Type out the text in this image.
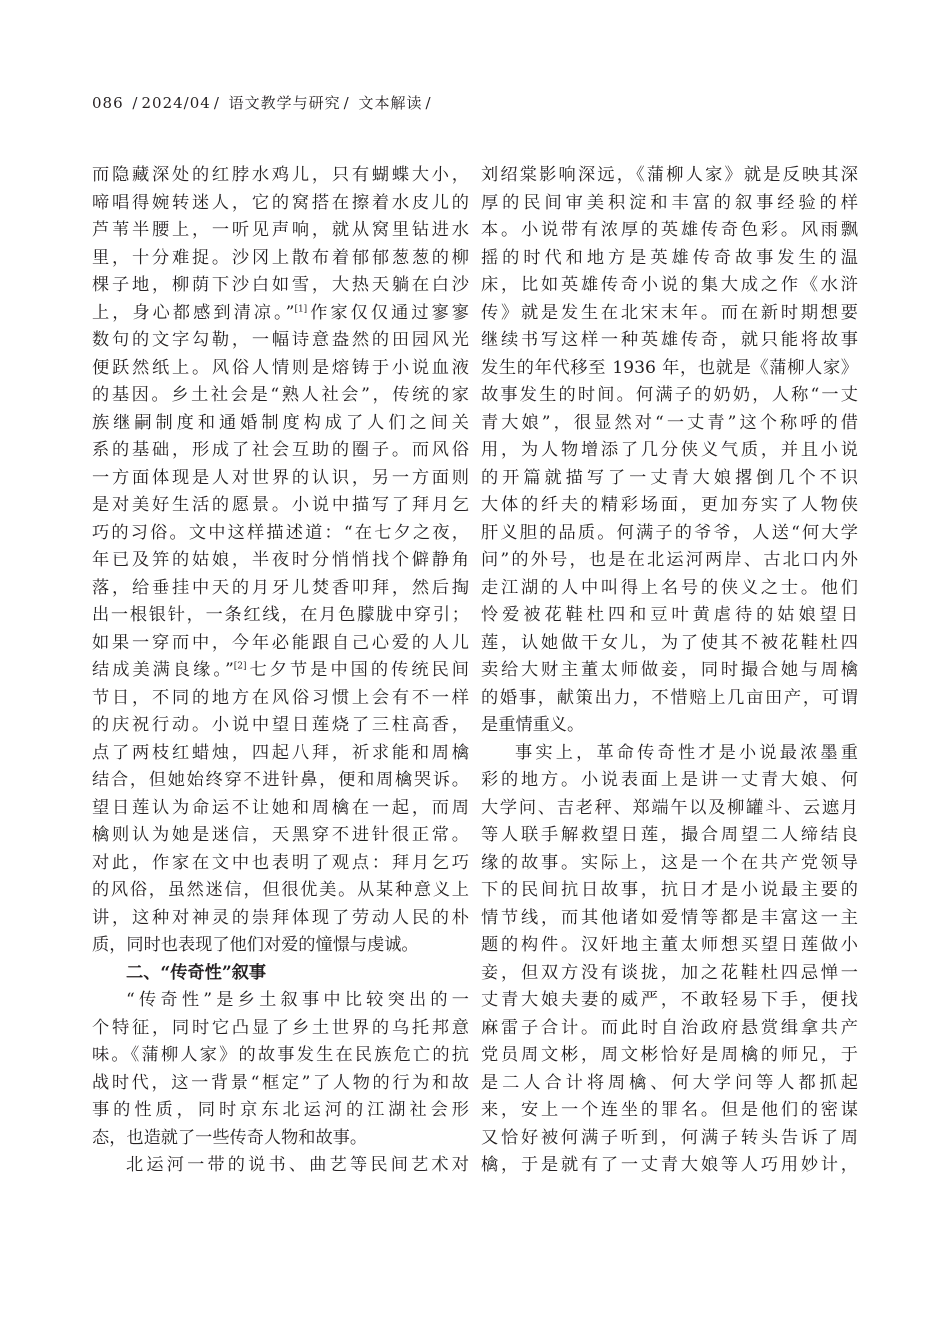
086 / 2024/04 / 语文教学与研究 / 文本解读 /
而隐藏深处的红脖水鸡儿，只有蝴蝶大小，
啼唱得婉转迷人，它的窝搭在擦着水皮儿的
芦苇半腰上，一听见声响，就从窝里钻进水
里，十分难捉。沙冈上散布着郁郁葱葱的柳
棵子地，柳荫下沙白如雪，大热天躺在白沙
上，身心都感到清凉。”[1]作家仅仅通过寥寥
数句的文字勾勒，一幅诗意盎然的田园风光
便跃然纸上。风俗人情则是熔铸于小说血液
的基因。乡土社会是“熟人社会”，传统的家
族继嗣制度和通婚制度构成了人们之间关
系的基础，形成了社会互助的圈子。而风俗
一方面体现是人对世界的认识，另一方面则
是对美好生活的愿景。小说中描写了拜月乞
巧的习俗。文中这样描述道：“在七夕之夜，
年已及笄的姑娘，半夜时分悄悄找个僻静角
落，给垂挂中天的月牙儿焚香叩拜，然后掏
出一根银针，一条红线，在月色朦胧中穿引；
如果一穿而中，今年必能跟自己心爱的人儿
结成美满良缘。”[2]七夕节是中国的传统民间
节日，不同的地方在风俗习惯上会有不一样
的庆祝行动。小说中望日莲烧了三柱高香，
点了两枝红蜡烛，四起八拜，祈求能和周檎
结合，但她始终穿不进针鼻，便和周檎哭诉。
望日莲认为命运不让她和周檎在一起，而周
檎则认为她是迷信，天黑穿不进针很正常。
对此，作家在文中也表明了观点：拜月乞巧
的风俗，虽然迷信，但很优美。从某种意义上
讲，这种对神灵的崇拜体现了劳动人民的朴
质，同时也表现了他们对爱的憧憬与虔诚。
二、“传奇性”叙事
“传奇性”是乡土叙事中比较突出的一
个特征，同时它凸显了乡土世界的乌托邦意
味。《蒲柳人家》的故事发生在民族危亡的抗
战时代，这一背景“框定”了人物的行为和故
事的性质，同时京东北运河的江湖社会形
态，也造就了一些传奇人物和故事。
北运河一带的说书、曲艺等民间艺术对
刘绍棠影响深远，《蒲柳人家》就是反映其深
厚的民间审美积淀和丰富的叙事经验的样
本。小说带有浓厚的英雄传奇色彩。风雨飘
摇的时代和地方是英雄传奇故事发生的温
床，比如英雄传奇小说的集大成之作《水浒
传》就是发生在北宋末年。而在新时期想要
继续书写这样一种英雄传奇，就只能将故事
发生的年代移至 1936 年，也就是《蒲柳人家》
故事发生的时间。何满子的奶奶，人称“一丈
青大娘”，很显然对“一丈青”这个称呼的借
用，为人物增添了几分侠义气质，并且小说
的开篇就描写了一丈青大娘撂倒几个不识
大体的纤夫的精彩场面，更加夯实了人物侠
肝义胆的品质。何满子的爷爷，人送“何大学
问”的外号，也是在北运河两岸、古北口内外
走江湖的人中叫得上名号的侠义之士。他们
怜爱被花鞋杜四和豆叶黄虐待的姑娘望日
莲，认她做干女儿，为了使其不被花鞋杜四
卖给大财主董太师做妾，同时撮合她与周檎
的婚事，献策出力，不惜赔上几亩田产，可谓
是重情重义。
事实上，革命传奇性才是小说最浓墨重
彩的地方。小说表面上是讲一丈青大娘、何
大学问、吉老秤、郑端午以及柳罐斗、云遮月
等人联手解救望日莲，撮合周望二人缔结良
缘的故事。实际上，这是一个在共产党领导
下的民间抗日故事，抗日才是小说最主要的
情节线，而其他诸如爱情等都是丰富这一主
题的构件。汉奸地主董太师想买望日莲做小
妾，但双方没有谈拢，加之花鞋杜四忌惮一
丈青大娘夫妻的威严，不敢轻易下手，便找
麻雷子合计。而此时自治政府悬赏缉拿共产
党员周文彬，周文彬恰好是周檎的师兄，于
是二人合计将周檎、何大学问等人都抓起
来，安上一个连坐的罪名。但是他们的密谋
又恰好被何满子听到，何满子转头告诉了周
檎，于是就有了一丈青大娘等人巧用妙计，
